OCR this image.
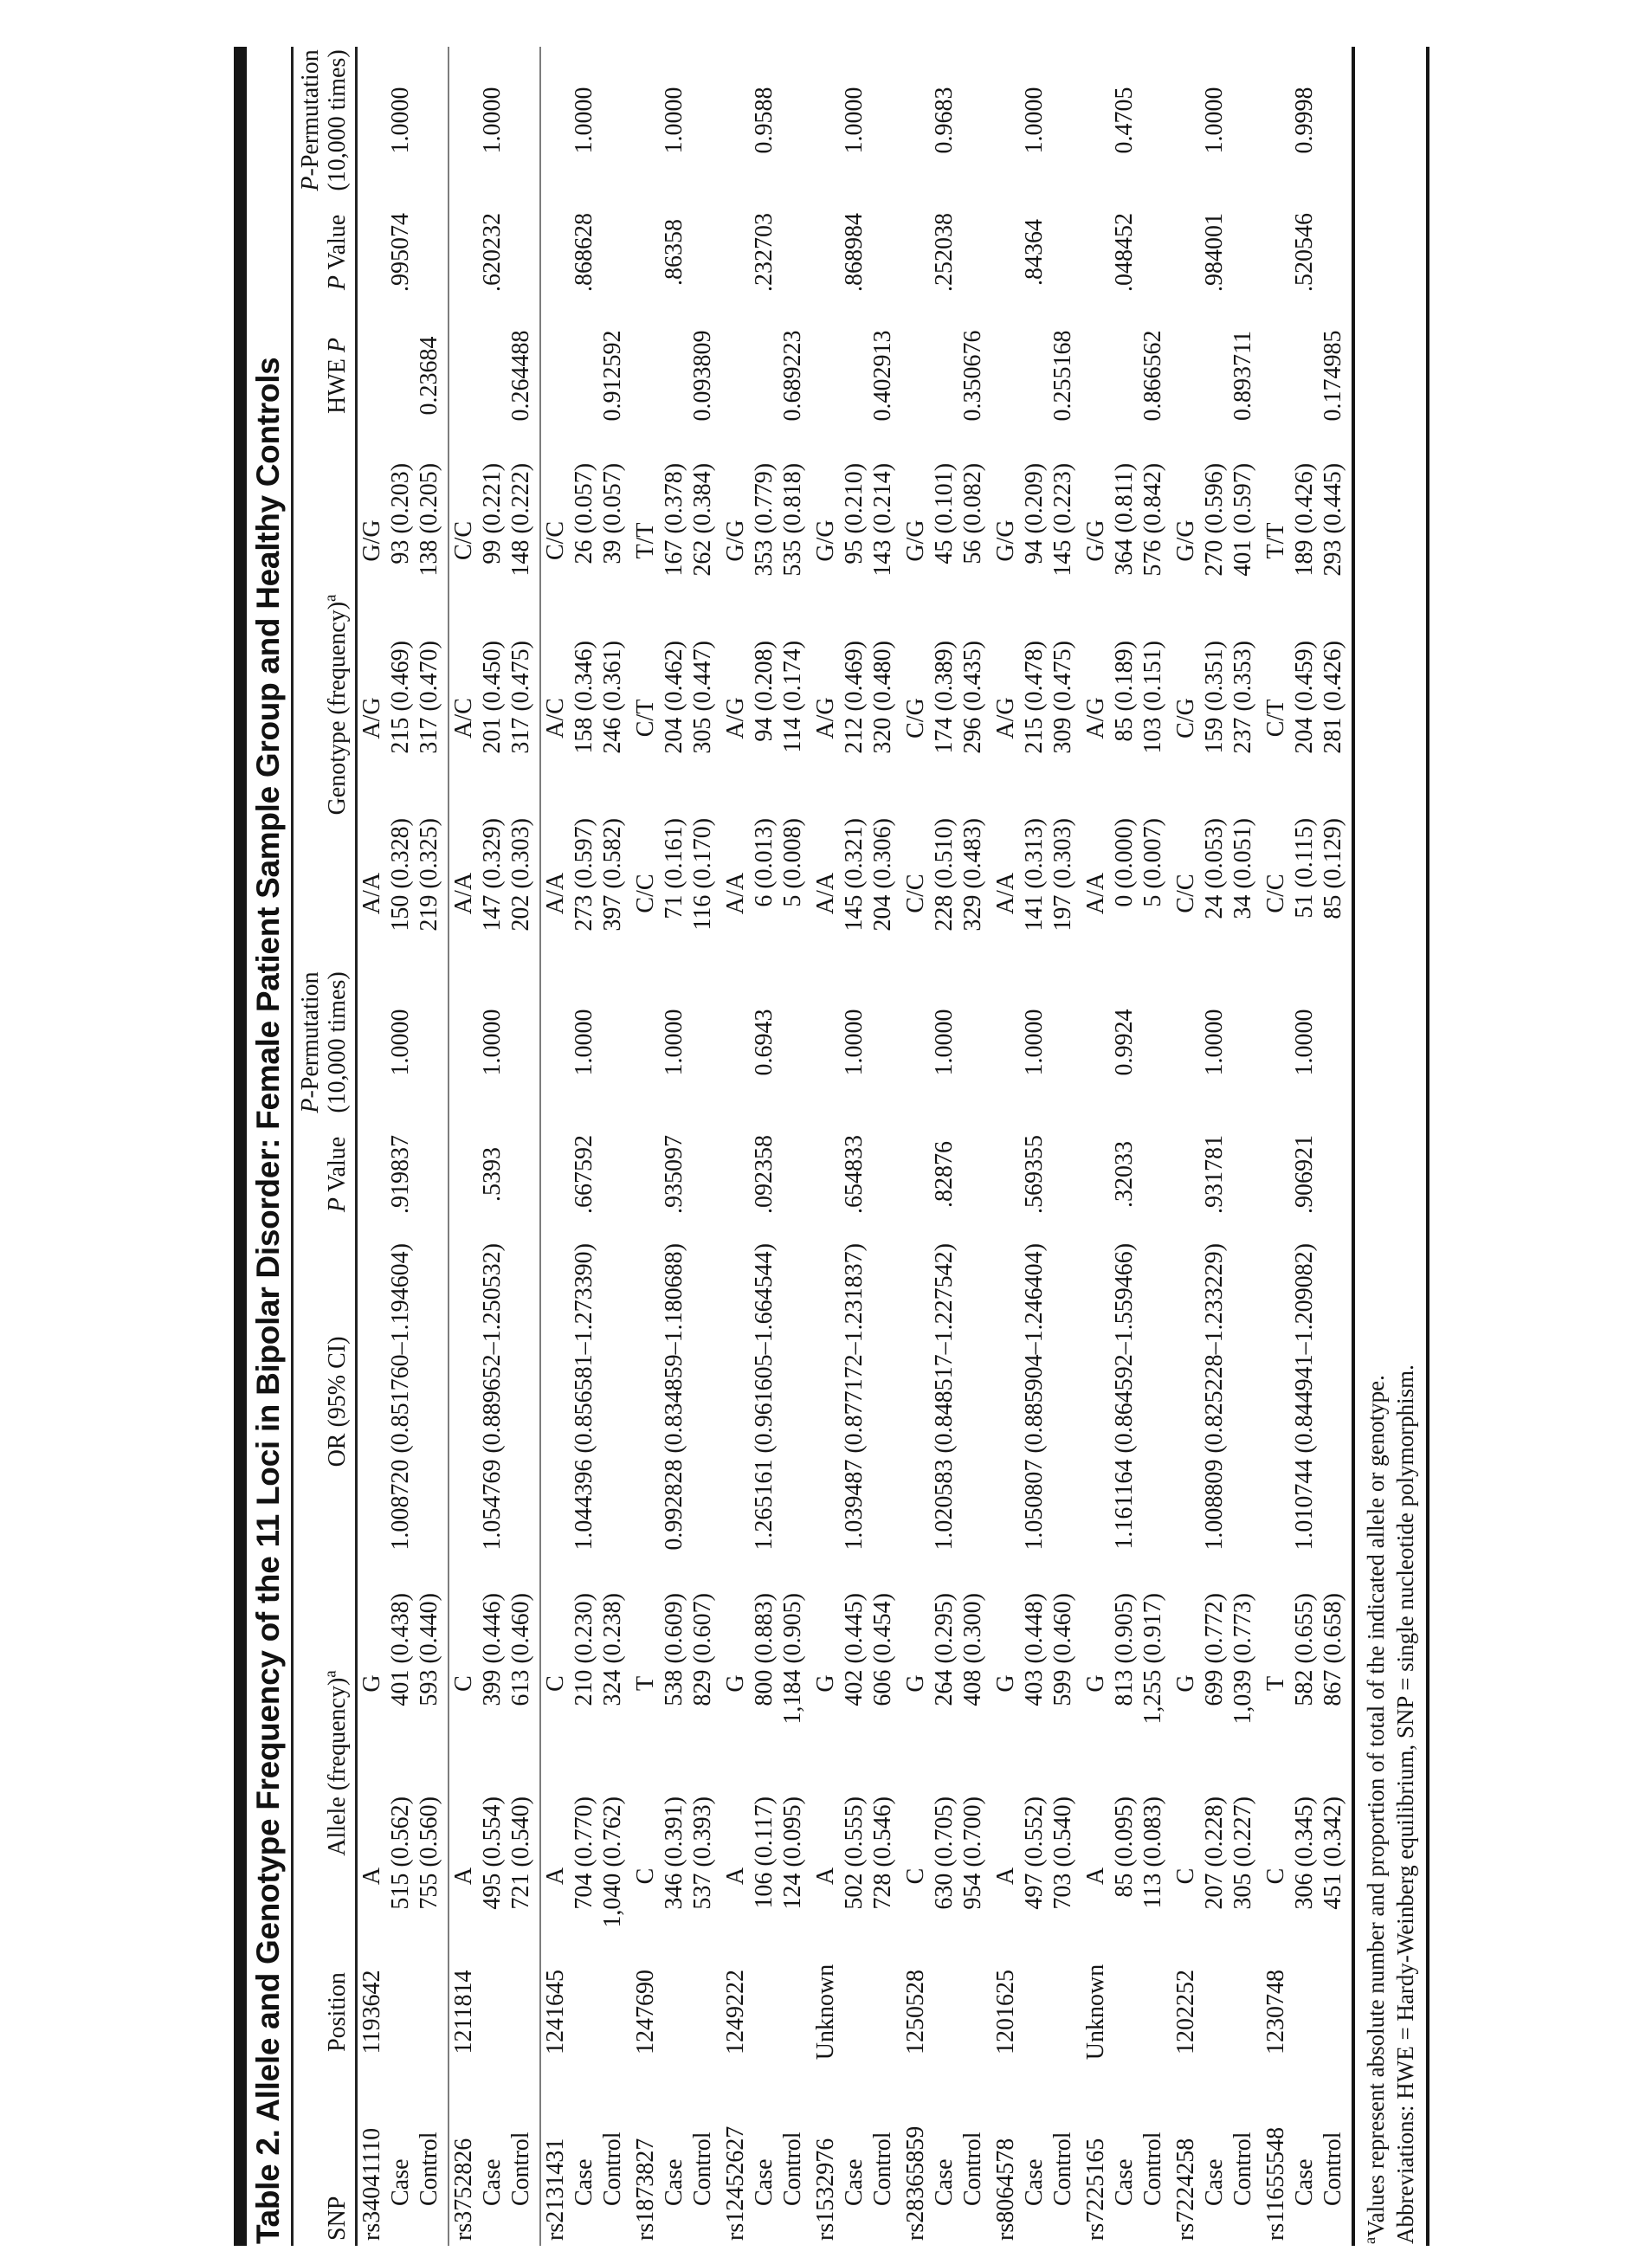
Table 2. Allele and Genotype Frequency of the 11 Loci in Bipolar Disorder: Female Patient Sample Group and Healthy Controls	SNP	Position	Allele (frequency)$^a$		OR (95% CI)	P Value	P-Permutation
(10,000 times)	Genotype (frequency)$^a$			HWE P	P Value	P-Permutation
(10,000 times)
rs34041110	1193642	A	G				A/A	A/G	G/G			
Case		515 (0.562)	401 (0.438)	1.008720 (0.851760–1.194604)	.919837	1.0000	150 (0.328)	215 (0.469)	93 (0.203)		.995074	1.0000
Control		755 (0.560)	593 (0.440)				219 (0.325)	317 (0.470)	138 (0.205)	0.23684		
rs3752826	1211814	A	C				A/A	A/C	C/C			
Case		495 (0.554)	399 (0.446)	1.054769 (0.889652–1.250532)	.5393	1.0000	147 (0.329)	201 (0.450)	99 (0.221)		.620232	1.0000
Control		721 (0.540)	613 (0.460)				202 (0.303)	317 (0.475)	148 (0.222)	0.264488		
rs2131431	1241645	A	C				A/A	A/C	C/C			
Case		704 (0.770)	210 (0.230)	1.044396 (0.856581–1.273390)	.667592	1.0000	273 (0.597)	158 (0.346)	26 (0.057)		.868628	1.0000
Control		1,040 (0.762)	324 (0.238)				397 (0.582)	246 (0.361)	39 (0.057)	0.912592		
rs1873827	1247690	C	T				C/C	C/T	T/T			
Case		346 (0.391)	538 (0.609)	0.992828 (0.834859–1.180688)	.935097	1.0000	71 (0.161)	204 (0.462)	167 (0.378)		.86358	1.0000
Control		537 (0.393)	829 (0.607)				116 (0.170)	305 (0.447)	262 (0.384)	0.093809		
rs12452627	1249222	A	G				A/A	A/G	G/G			
Case		106 (0.117)	800 (0.883)	1.265161 (0.961605–1.664544)	.092358	0.6943	6 (0.013)	94 (0.208)	353 (0.779)		.232703	0.9588
Control		124 (0.095)	1,184 (0.905)				5 (0.008)	114 (0.174)	535 (0.818)	0.689223		
rs1532976	Unknown	A	G				A/A	A/G	G/G			
Case		502 (0.555)	402 (0.445)	1.039487 (0.877172–1.231837)	.654833	1.0000	145 (0.321)	212 (0.469)	95 (0.210)		.868984	1.0000
Control		728 (0.546)	606 (0.454)				204 (0.306)	320 (0.480)	143 (0.214)	0.402913		
rs28365859	1250528	C	G				C/C	C/G	G/G			
Case		630 (0.705)	264 (0.295)	1.020583 (0.848517–1.227542)	.82876	1.0000	228 (0.510)	174 (0.389)	45 (0.101)		.252038	0.9683
Control		954 (0.700)	408 (0.300)				329 (0.483)	296 (0.435)	56 (0.082)	0.350676		
rs8064578	1201625	A	G				A/A	A/G	G/G			
Case		497 (0.552)	403 (0.448)	1.050807 (0.885904–1.246404)	.569355	1.0000	141 (0.313)	215 (0.478)	94 (0.209)		.84364	1.0000
Control		703 (0.540)	599 (0.460)				197 (0.303)	309 (0.475)	145 (0.223)	0.255168		
rs7225165	Unknown	A	G				A/A	A/G	G/G			
Case		85 (0.095)	813 (0.905)	1.161164 (0.864592–1.559466)	.32033	0.9924	0 (0.000)	85 (0.189)	364 (0.811)		.048452	0.4705
Control		113 (0.083)	1,255 (0.917)				5 (0.007)	103 (0.151)	576 (0.842)	0.866562		
rs7224258	1202252	C	G				C/C	C/G	G/G			
Case		207 (0.228)	699 (0.772)	1.008809 (0.825228–1.233229)	.931781	1.0000	24 (0.053)	159 (0.351)	270 (0.596)		.984001	1.0000
Control		305 (0.227)	1,039 (0.773)				34 (0.051)	237 (0.353)	401 (0.597)	0.893711		
rs11655548	1230748	C	T				C/C	C/T	T/T			
Case		306 (0.345)	582 (0.655)	1.010744 (0.844941–1.209082)	.906921	1.0000	51 (0.115)	204 (0.459)	189 (0.426)		.520546	0.9998
Control		451 (0.342)	867 (0.658)				85 (0.129)	281 (0.426)	293 (0.445)	0.174985		
$^a$Values represent absolute number and proportion of total of the indicated allele or genotype. Abbreviations: HWE = Hardy-Weinberg equilibrium, SNP = single nucleotide polymorphism.
